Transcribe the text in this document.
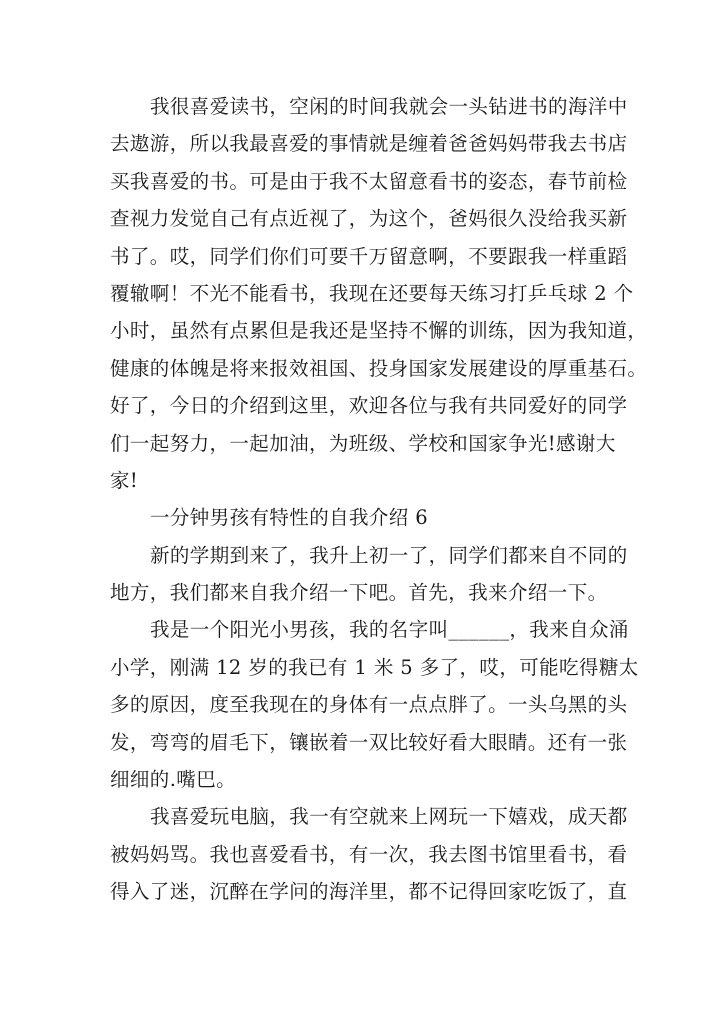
我很喜爱读书，空闲的时间我就会一头钻进书的海洋中
去遨游，所以我最喜爱的事情就是缠着爸爸妈妈带我去书店
买我喜爱的书。可是由于我不太留意看书的姿态，春节前检
查视力发觉自己有点近视了，为这个，爸妈很久没给我买新
书了。哎，同学们你们可要千万留意啊，不要跟我一样重蹈
覆辙啊！不光不能看书，我现在还要每天练习打乒乓球 2 个
小时，虽然有点累但是我还是坚持不懈的训练，因为我知道，
健康的体魄是将来报效祖国、投身国家发展建设的厚重基石。
好了，今日的介绍到这里，欢迎各位与我有共同爱好的同学
们一起努力，一起加油，为班级、学校和国家争光!感谢大
家!
一分钟男孩有特性的自我介绍 6
新的学期到来了，我升上初一了，同学们都来自不同的
地方，我们都来自我介绍一下吧。首先，我来介绍一下。
我是一个阳光小男孩，我的名字叫______，我来自众涌
小学，刚满 12 岁的我已有 1 米 5 多了，哎，可能吃得糖太
多的原因，度至我现在的身体有一点点胖了。一头乌黑的头
发，弯弯的眉毛下，镶嵌着一双比较好看大眼睛。还有一张
细细的.嘴巴。
我喜爱玩电脑，我一有空就来上网玩一下嬉戏，成天都
被妈妈骂。我也喜爱看书，有一次，我去图书馆里看书，看
得入了迷，沉醉在学问的海洋里，都不记得回家吃饭了，直
